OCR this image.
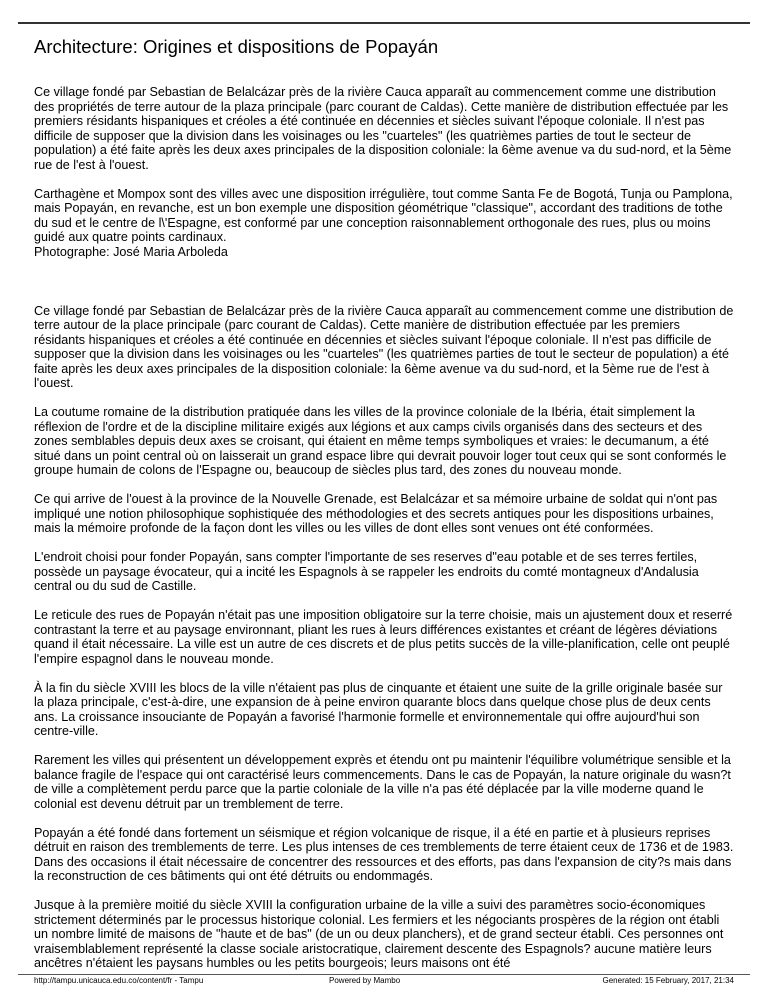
Architecture: Origines et dispositions de Popayán

Ce village fondé par Sebastian de Belalcázar près de la rivière Cauca apparaît au commencement comme une distribution des propriétés de terre autour de la plaza principale (parc courant de Caldas). Cette manière de distribution effectuée par les premiers résidants hispaniques et créoles a été continuée en décennies et siècles suivant l'époque coloniale. Il n'est pas difficile de supposer que la division dans les voisinages ou les "cuarteles" (les quatrièmes parties de tout le secteur de population) a été faite après les deux axes principales de la disposition coloniale: la 6ème avenue va du sud-nord, et la 5ème rue de l'est à l'ouest.

Carthagène et Mompox sont des villes avec une disposition irrégulière, tout comme Santa Fe de Bogotá, Tunja ou Pamplona, mais Popayán, en revanche, est un bon exemple une disposition géométrique "classique", accordant des traditions de tothe du sud et le centre de l\'Espagne, est conformé par une conception raisonnablement orthogonale des rues, plus ou moins guidé aux quatre points cardinaux.

Photographe: José Maria Arboleda

Ce village fondé par Sebastian de Belalcázar près de la rivière Cauca apparaît au commencement comme une distribution de terre autour de la place principale (parc courant de Caldas). Cette manière de distribution effectuée par les premiers résidants hispaniques et créoles a été continuée en décennies et siècles suivant l'époque coloniale. Il n'est pas difficile de supposer que la division dans les voisinages ou les "cuarteles" (les quatrièmes parties de tout le secteur de population) a été faite après les deux axes principales de la disposition coloniale: la 6ème avenue va du sud-nord, et la 5ème rue de l'est à l'ouest.

La coutume romaine de la distribution pratiquée dans les villes de la province coloniale de la Ibéria, était simplement la réflexion de l'ordre et de la discipline militaire exigés aux légions et aux camps civils organisés dans des secteurs et des zones semblables depuis deux axes se croisant, qui étaient en même temps symboliques et vraies: le decumanum, a été situé dans un point central où on laisserait un grand espace libre qui devrait pouvoir loger tout ceux qui se sont conformés le groupe humain de colons de l'Espagne ou, beaucoup de siècles plus tard, des zones du nouveau monde.

Ce qui arrive de l'ouest à la province de la Nouvelle Grenade, est Belalcázar et sa mémoire urbaine de soldat qui n'ont pas impliqué une notion philosophique sophistiquée des méthodologies et des secrets antiques pour les dispositions urbaines, mais la mémoire profonde de la façon dont les villes ou les villes de dont elles sont venues ont été conformées.

L'endroit choisi pour fonder Popayán, sans compter l'importante de ses reserves d"eau potable et de ses terres fertiles, possède un paysage évocateur, qui a incité les Espagnols à se rappeler les endroits du comté montagneux d'Andalusia central ou du sud de Castille.

Le reticule des rues de Popayán n'était pas une imposition obligatoire sur la terre choisie, mais un ajustement doux et reserré contrastant la terre et au paysage environnant, pliant les rues à leurs différences existantes et créant de légères déviations quand il était nécessaire. La ville est un autre de ces discrets et de plus petits succès de la ville-planification, celle ont peuplé l'empire espagnol dans le nouveau monde.

À la fin du siècle XVIII les blocs de la ville n'étaient pas plus de cinquante et étaient une suite de la grille originale basée sur la plaza principale, c'est-à-dire, une expansion de à peine environ quarante blocs dans quelque chose plus de deux cents ans. La croissance insouciante de Popayán a favorisé l'harmonie formelle et environnementale qui offre aujourd'hui son centre-ville.

Rarement les villes qui présentent un développement exprès et étendu ont pu maintenir l'équilibre volumétrique sensible et la balance fragile de l'espace qui ont caractérisé leurs commencements. Dans le cas de Popayán, la nature originale du wasn?t de ville a complètement perdu parce que la partie coloniale de la ville n'a pas été déplacée par la ville moderne quand le colonial est devenu détruit par un tremblement de terre.

Popayán a été fondé dans fortement un séismique et région volcanique de risque, il a été en partie et à plusieurs reprises détruit en raison des tremblements de terre. Les plus intenses de ces tremblements de terre étaient ceux de 1736 et de 1983. Dans des occasions il était nécessaire de concentrer des ressources et des efforts, pas dans l'expansion de city?s mais dans la reconstruction de ces bâtiments qui ont été détruits ou endommagés.

Jusque à la première moitié du siècle XVIII la configuration urbaine de la ville a suivi des paramètres socio-économiques strictement déterminés par le processus historique colonial. Les fermiers et les négociants prospères de la région ont établi un nombre limité de maisons de "haute et de bas" (de un ou deux planchers), et de grand secteur établi. Ces personnes ont vraisemblablement représenté la classe sociale aristocratique, clairement descente des Espagnols? aucune matière leurs ancêtres n'étaient les paysans humbles ou les petits bourgeois; leurs maisons ont été

http://tampu.unicauca.edu.co/content/fr - Tampu	Powered by Mambo	Generated: 15 February, 2017, 21:34
